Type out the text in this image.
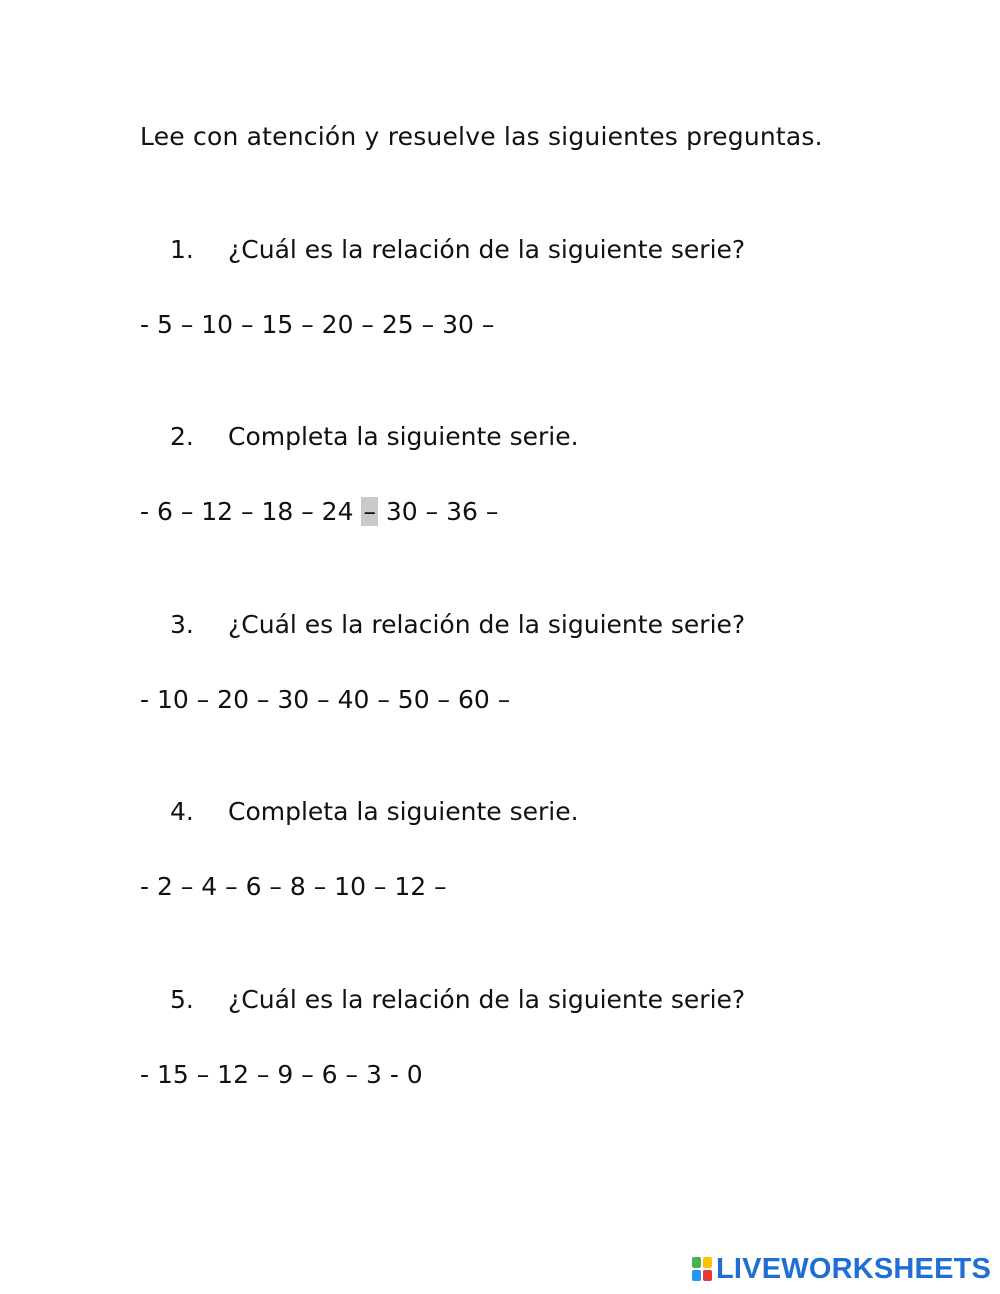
Lee con atención y resuelve las siguientes preguntas.
1. ¿Cuál es la relación de la siguiente serie?
- 5 – 10 – 15 – 20 – 25 – 30 –
2. Completa la siguiente serie.
- 6 – 12 – 18 – 24 – 30 – 36 –
3. ¿Cuál es la relación de la siguiente serie?
- 10 – 20 – 30 – 40 – 50 – 60 –
4. Completa la siguiente serie.
- 2 – 4 – 6 – 8 – 10 – 12 –
5. ¿Cuál es la relación de la siguiente serie?
- 15 – 12 – 9 – 6 – 3 - 0
LIVEWORKSHEETS
